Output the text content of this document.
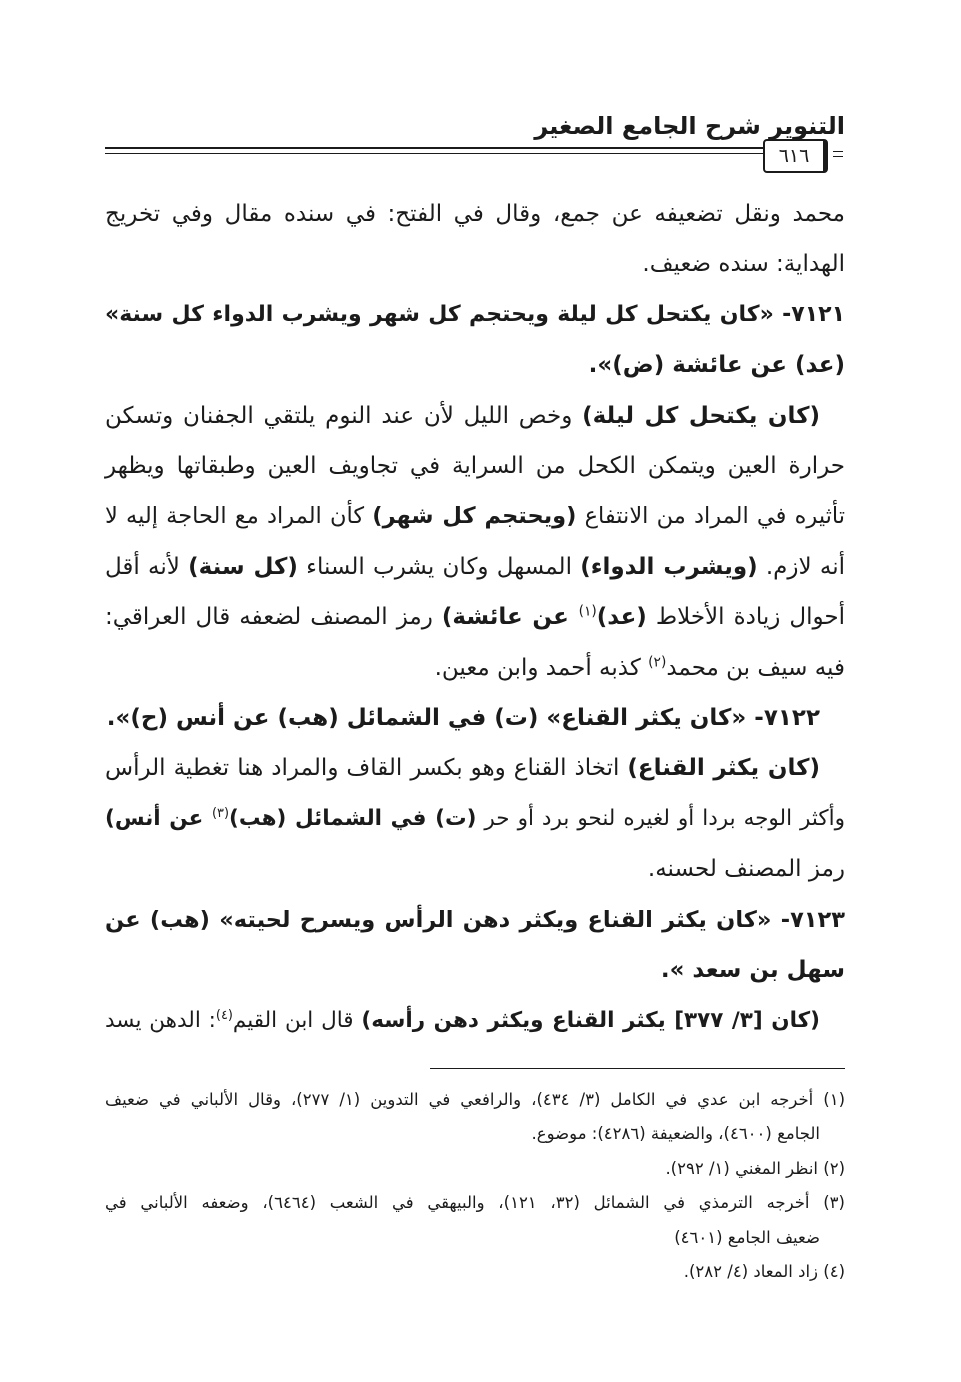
التنوير شرح الجامع الصغير
٦١٦
محمد ونقل تضعيفه عن جمع، وقال في الفتح: في سنده مقال وفي تخريج
الهداية: سنده ضعيف.
٧١٢١- «كان يكتحل كل ليلة ويحتجم كل شهر ويشرب الدواء كل سنة»
(عد) عن عائشة (ض)».
(كان يكتحل كل ليلة) وخص الليل لأن عند النوم يلتقي الجفنان وتسكن
حرارة العين ويتمكن الكحل من السراية في تجاويف العين وطبقاتها ويظهر
تأثيره في المراد من الانتفاع (ويحتجم كل شهر) كأن المراد مع الحاجة إليه لا
أنه لازم. (ويشرب الدواء) المسهل وكان يشرب السناء (كل سنة) لأنه أقل
أحوال زيادة الأخلاط (عد)$^{(١)}$ عن عائشة) رمز المصنف لضعفه قال العراقي:
فيه سيف بن محمد$^{(٢)}$ كذبه أحمد وابن معين.
٧١٢٢- «كان يكثر القناع» (ت) في الشمائل (هب) عن أنس (ح)».
(كان يكثر القناع) اتخاذ القناع وهو بكسر القاف والمراد هنا تغطية الرأس
وأكثر الوجه بردا أو لغيره لنحو برد أو حر (ت) في الشمائل (هب)$^{(٣)}$ عن أنس)
رمز المصنف لحسنه.
٧١٢٣- «كان يكثر القناع ويكثر دهن الرأس ويسرح لحيته» (هب) عن
سهل بن سعد ».
(كان [٣/ ٣٧٧] يكثر القناع ويكثر دهن رأسه) قال ابن القيم$^{(٤)}$: الدهن يسد
(١) أخرجه ابن عدي في الكامل (٣/ ٤٣٤)، والرافعي في التدوين (١/ ٢٧٧)، وقال الألباني في ضعيف
الجامع (٤٦٠٠)، والضعيفة (٤٢٨٦): موضوع.
(٢) انظر المغني (١/ ٢٩٢).
(٣) أخرجه الترمذي في الشمائل (٣٢، ١٢١)، والبيهقي في الشعب (٦٤٦٤)، وضعفه الألباني في
ضعيف الجامع (٤٦٠١)
(٤) زاد المعاد (٤/ ٢٨٢).
